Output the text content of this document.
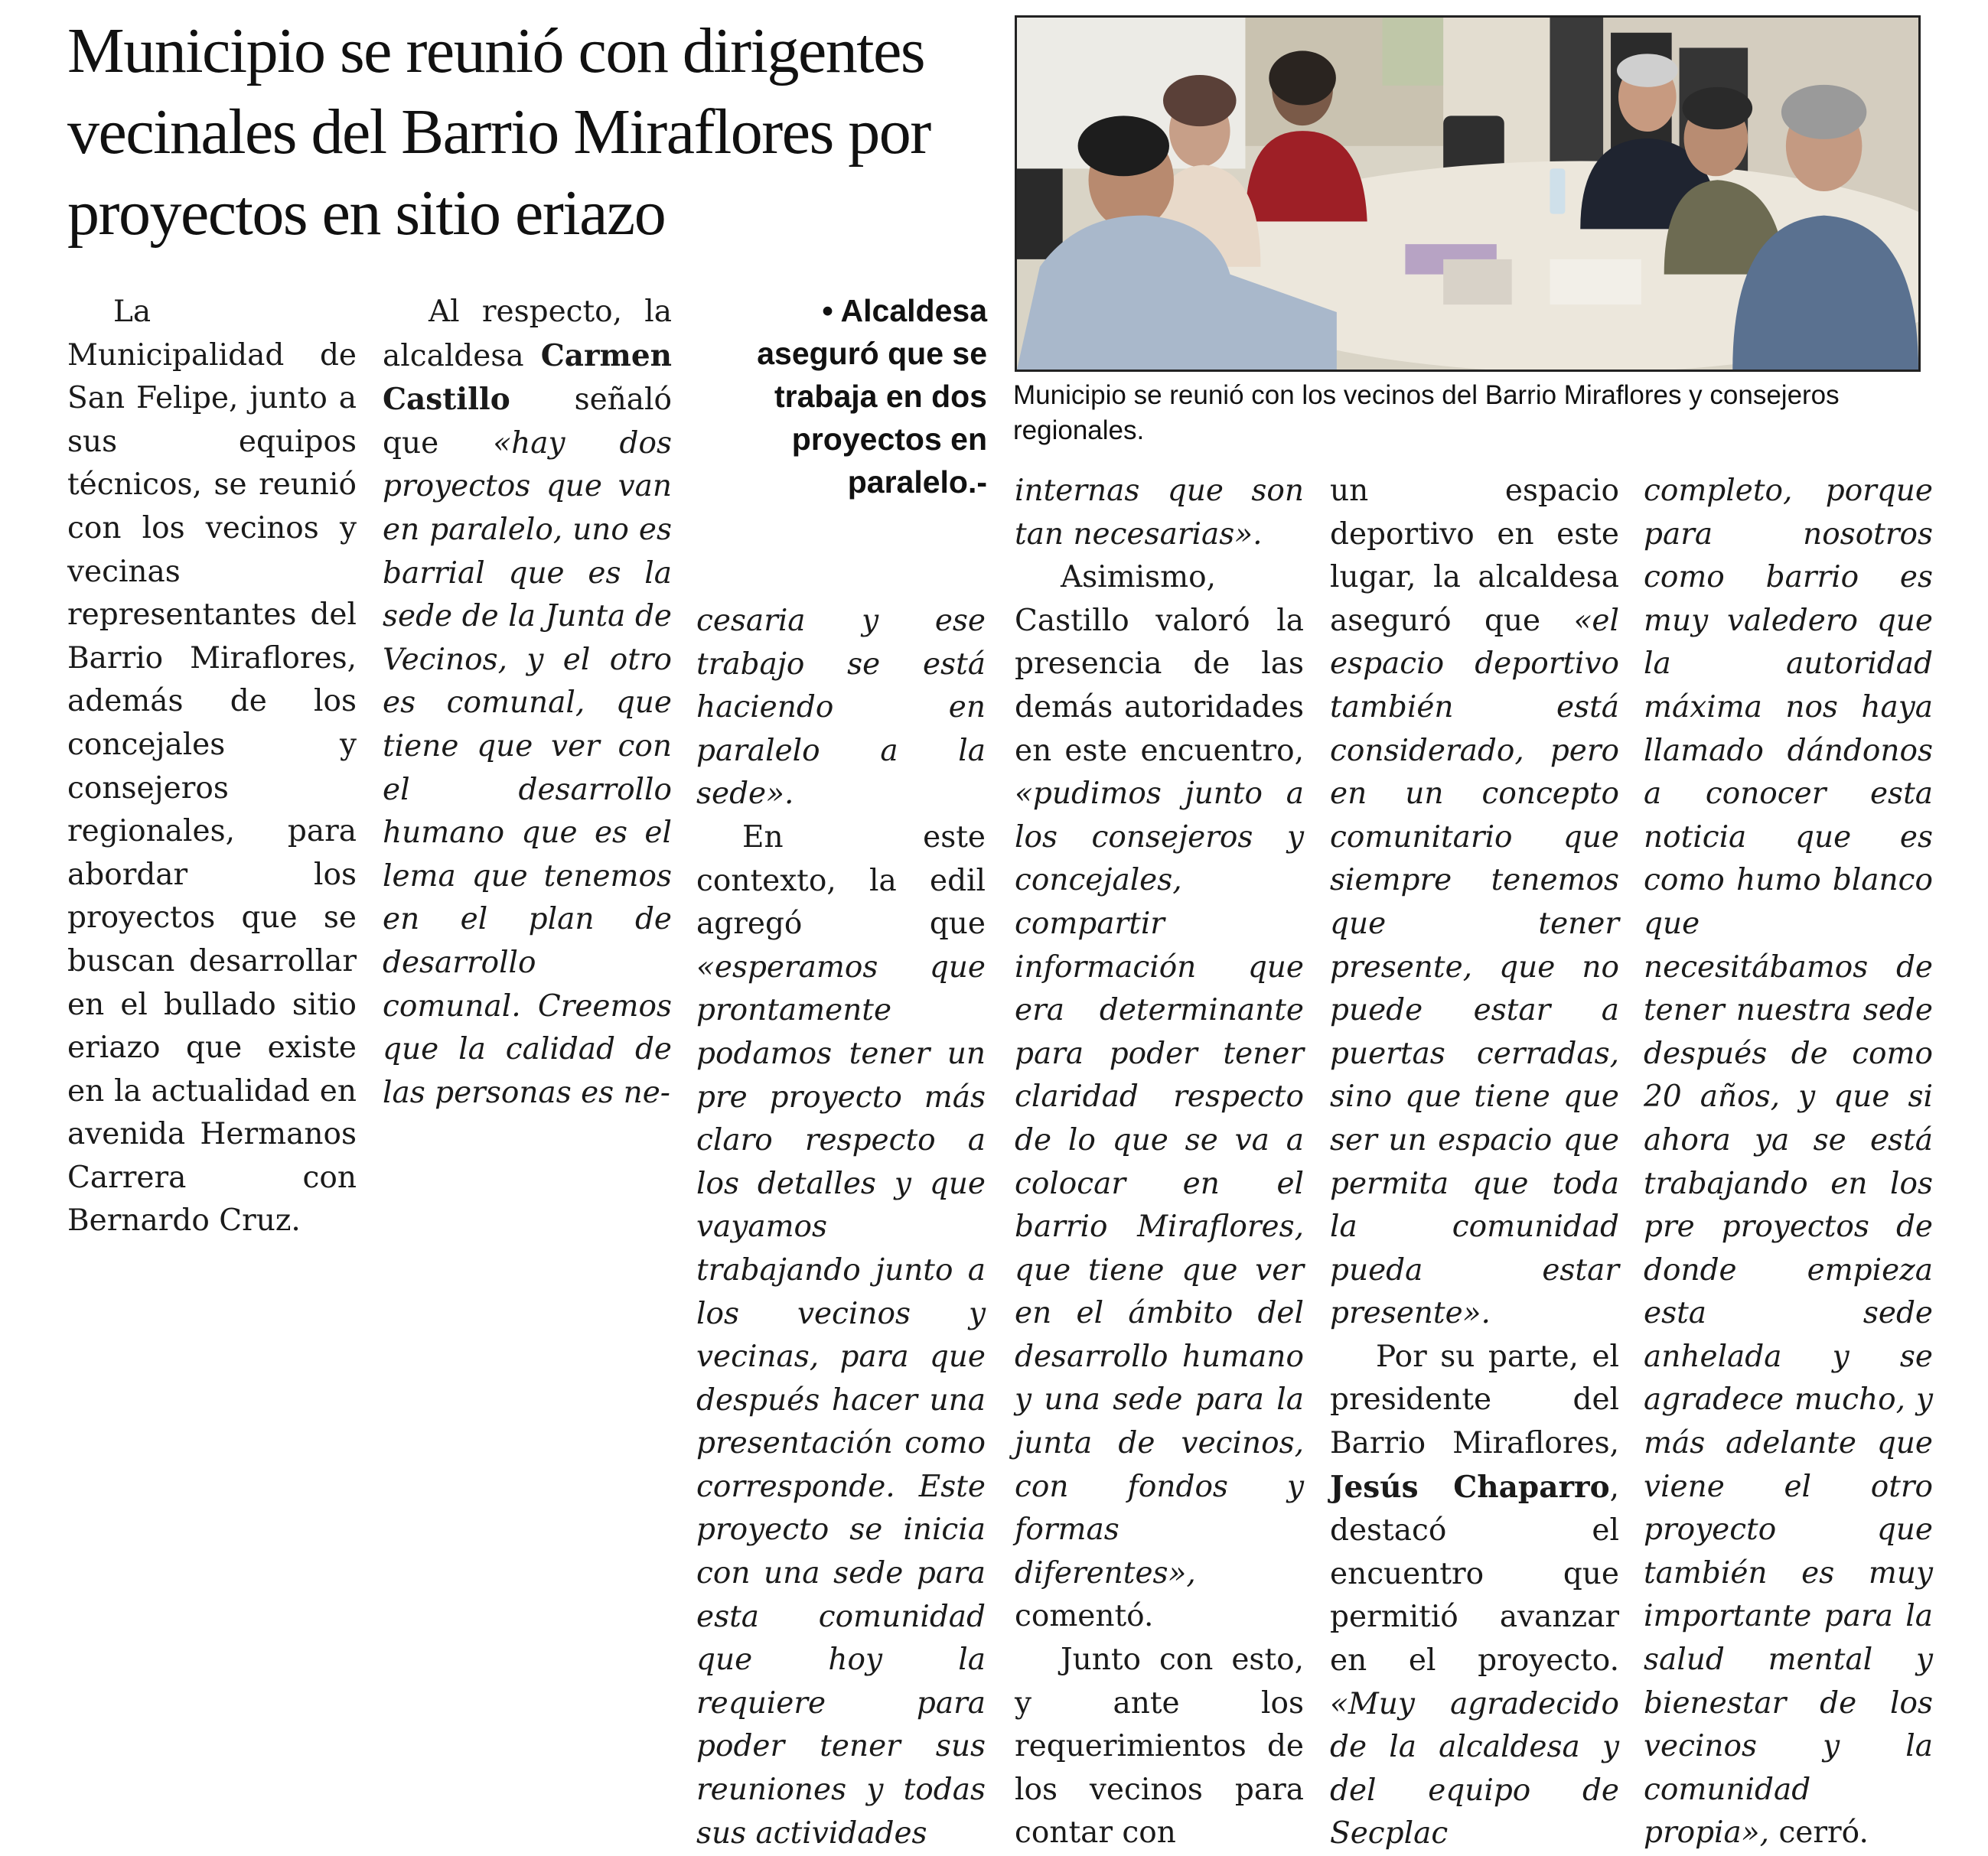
Municipio se reunió con dirigentes vecinales del Barrio Miraflores por proyectos en sitio eriazo
Municipio se reunió con los vecinos del Barrio Miraflores y consejeros regionales.
• Alcaldesa aseguró que se trabaja en dos proyectos en paralelo.-

La Municipalidad de San Felipe, junto a sus equipos técnicos, se reunió con los vecinos y vecinas representantes del Barrio Miraflores, además de los concejales y consejeros regionales, para abordar los proyectos que se buscan desarrollar en el bullado sitio eriazo que existe en la actualidad en avenida Hermanos Carrera con Bernardo Cruz.

Al respecto, la alcaldesa Carmen Castillo señaló que «hay dos proyectos que van en paralelo, uno es barrial que es la sede de la Junta de Vecinos, y el otro es comunal, que tiene que ver con el desarrollo humano que es el lema que tenemos en el plan de desarrollo comunal. Creemos que la calidad de las personas es ne-

cesaria y ese trabajo se está haciendo en paralelo a la sede».

En este contexto, la edil agregó que «esperamos que prontamente podamos tener un pre proyecto más claro respecto a los detalles y que vayamos trabajando junto a los vecinos y vecinas, para que después hacer una presentación como corresponde. Este proyecto se inicia con una sede para esta comunidad que hoy la requiere para poder tener sus reuniones y todas sus actividades

internas que son tan necesarias».

Asimismo, Castillo valoró la presencia de las demás autoridades en este encuentro, «pudimos junto a los consejeros y concejales, compartir información que era determinante para poder tener claridad respecto de lo que se va a colocar en el barrio Miraflores, que tiene que ver en el ámbito del desarrollo humano y una sede para la junta de vecinos, con fondos y formas diferentes», comentó.

Junto con esto, y ante los requerimientos de los vecinos para contar con

un espacio deportivo en este lugar, la alcaldesa aseguró que «el espacio deportivo también está considerado, pero en un concepto comunitario que siempre tenemos que tener presente, que no puede estar a puertas cerradas, sino que tiene que ser un espacio que permita que toda la comunidad pueda estar presente».

Por su parte, el presidente del Barrio Miraflores, Jesús Chaparro, destacó el encuentro que permitió avanzar en el proyecto. «Muy agradecido de la alcaldesa y del equipo de Secplac

completo, porque para nosotros como barrio es muy valedero que la autoridad máxima nos haya llamado dándonos a conocer esta noticia que es como humo blanco que necesitábamos de tener nuestra sede después de como 20 años, y que si ahora ya se está trabajando en los pre proyectos de donde empieza esta sede anhelada y se agradece mucho, y más adelante que viene el otro proyecto que también es muy importante para la salud mental y bienestar de los vecinos y la comunidad propia», cerró.
